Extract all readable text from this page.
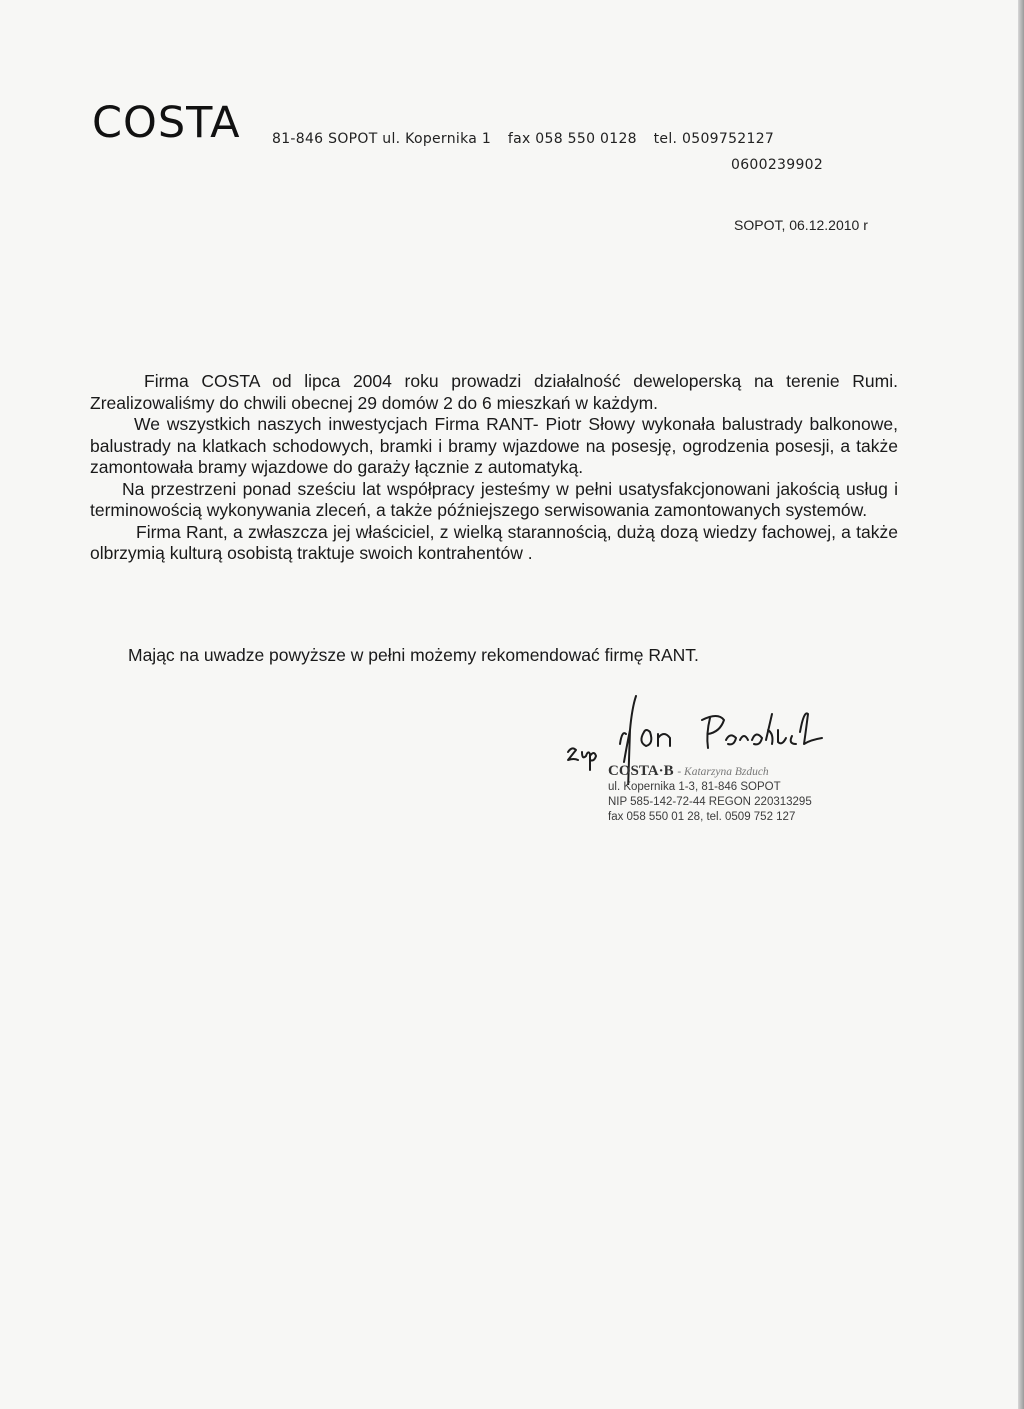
COSTA 81-846 SOPOT ul. Kopernika 1 fax 058 550 0128 tel. 0509752127
0600239902
SOPOT, 06.12.2010 r

Firma COSTA od lipca 2004 roku prowadzi działalność deweloperską na terenie Rumi. Zrealizowaliśmy do chwili obecnej 29 domów 2 do 6 mieszkań w każdym.

We wszystkich naszych inwestycjach Firma RANT- Piotr Słowy wykonała balustrady balkonowe, balustrady na klatkach schodowych, bramki i bramy wjazdowe na posesję, ogrodzenia posesji, a także zamontowała bramy wjazdowe do garaży łącznie z automatyką.

Na przestrzeni ponad sześciu lat współpracy jesteśmy w pełni usatysfakcjonowani jakością usług i terminowością wykonywania zleceń, a także późniejszego serwisowania zamontowanych systemów.

Firma Rant, a zwłaszcza jej właściciel, z wielką starannością, dużą dozą wiedzy fachowej, a także olbrzymią kulturą osobistą traktuje swoich kontrahentów .

Mając na uwadze powyższe w pełni możemy rekomendować firmę RANT.
z up. Ilona Bzduch
COSTA·B - Katarzyna Bzduch
ul. Kopernika 1-3, 81-846 SOPOT
NIP 585-142-72-44 REGON 220313295
fax 058 550 01 28, tel. 0509 752 127
